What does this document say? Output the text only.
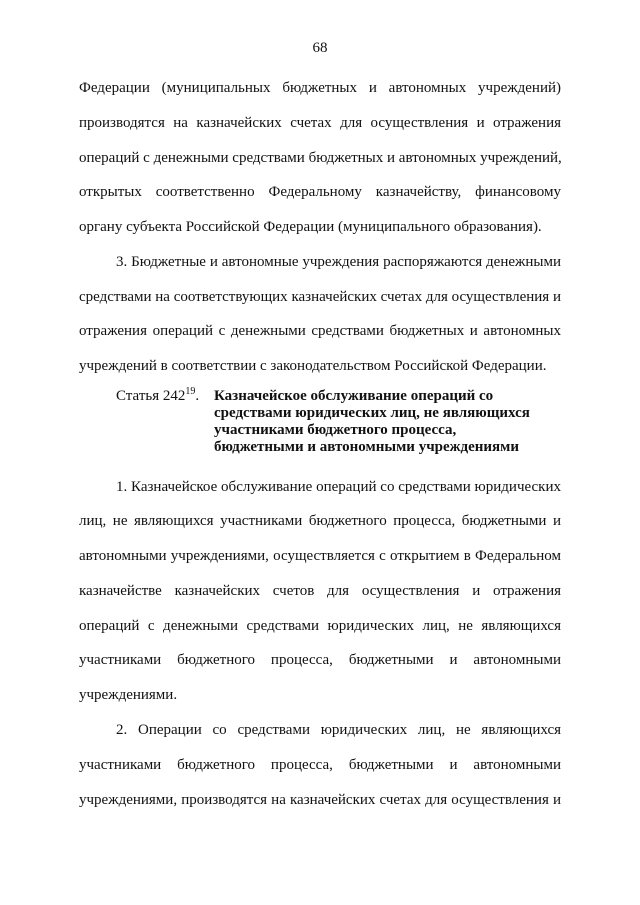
68
Федерации (муниципальных бюджетных и автономных учреждений)
производятся на казначейских счетах для осуществления и отражения
операций с денежными средствами бюджетных и автономных учреждений,
открытых соответственно Федеральному казначейству, финансовому
органу субъекта Российской Федерации (муниципального образования).
3. Бюджетные и автономные учреждения распоряжаются денежными
средствами на соответствующих казначейских счетах для осуществления и
отражения операций с денежными средствами бюджетных и автономных
учреждений в соответствии с законодательством Российской Федерации.
Статья $242^{19}$. Казначейское обслуживание операций со
средствами юридических лиц, не являющихся
участниками бюджетного процесса,
бюджетными и автономными учреждениями
1. Казначейское обслуживание операций со средствами юридических
лиц, не являющихся участниками бюджетного процесса, бюджетными и
автономными учреждениями, осуществляется с открытием в Федеральном
казначействе казначейских счетов для осуществления и отражения
операций с денежными средствами юридических лиц, не являющихся
участниками бюджетного процесса, бюджетными и автономными
учреждениями.
2. Операции со средствами юридических лиц, не являющихся
участниками бюджетного процесса, бюджетными и автономными
учреждениями, производятся на казначейских счетах для осуществления и
